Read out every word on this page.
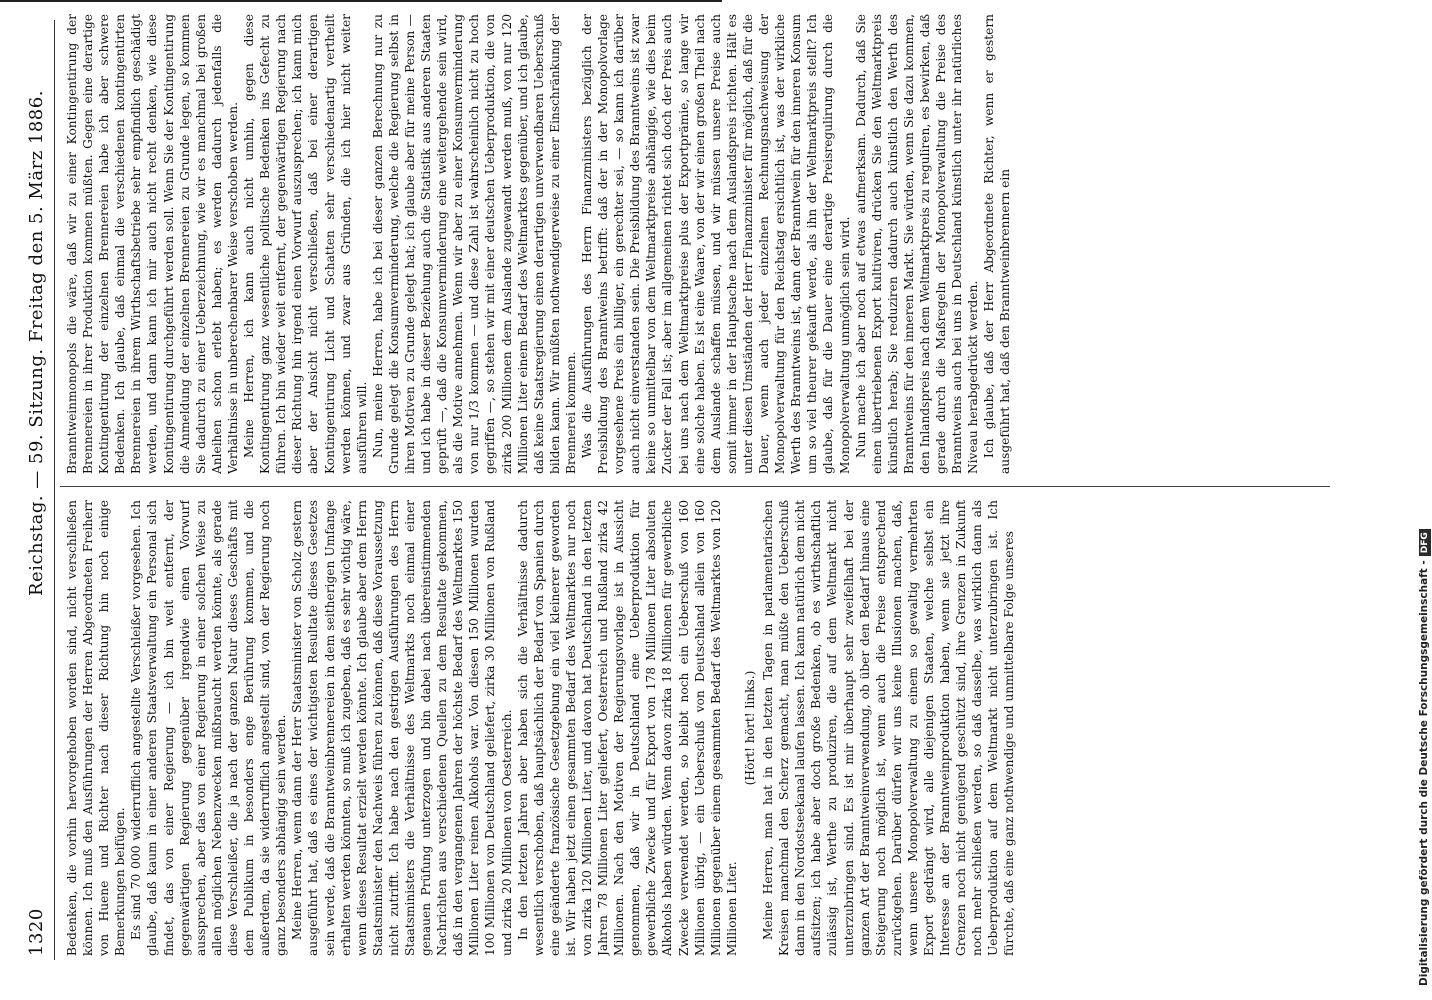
1320
Reichstag. — 59. Sitzung. Freitag den 5. März 1886.

Bedenken, die vorhin hervorgehoben worden sind, nicht verschließen können. Ich muß den Ausführungen der Herren Abgeordneten Freiherr von Huene und Richter nach dieser Richtung hin noch einige Bemerkungen beifügen. Es sind 70 000 widerrufflich angestellte Verschleißer vorgesehen. Ich glaube, daß kaum in einer anderen Staatsverwaltung ein Personal sich findet, das von einer Regierung — ich bin weit entfernt, der gegenwärtigen Regierung gegenüber irgendwie einen Vorwurf aussprechen, aber das von einer Regierung in einer solchen Weise zu allen möglichen Nebenzwecken mißbraucht werden könnte, als gerade diese Verschleißer, die ja nach der ganzen Natur dieses Geschäfts mit dem Publikum in besonders enge Berührung kommen, und die außerdem, da sie widerrufflich angestellt sind, von der Regierung noch ganz besonders abhängig sein werden. Meine Herren, wenn dann der Herr Staatsminister von Scholz gestern ausgeführt hat, daß es eines der wichtigsten Resultate dieses Gesetzes sein werde, daß die Branntweinbrennereien in dem seitherigen Umfange erhalten werden könnten, so muß ich zugeben, daß es sehr wichtig wäre, wenn dieses Resultat erzielt werden könnte. Ich glaube aber dem Herrn Staatsminister den Nachweis führen zu können, daß diese Voraussetzung nicht zutrifft. Ich habe nach den gestrigen Ausführungen des Herrn Staatsministers die Verhältnisse des Weltmarkts noch einmal einer genauen Prüfung unterzogen und bin dabei nach übereinstimmenden Nachrichten aus verschiedenen Quellen zu dem Resultate gekommen, daß in den vergangenen Jahren der höchste Bedarf des Weltmarktes 150 Millionen Liter reinen Alkohols war. Von diesen 150 Millionen wurden 100 Millionen von Deutschland geliefert, zirka 30 Millionen von Rußland und zirka 20 Millionen von Oesterreich. In den letzten Jahren aber haben sich die Verhältnisse dadurch wesentlich verschoben, daß hauptsächlich der Bedarf von Spanien durch eine geänderte französische Gesetzgebung ein viel kleinerer geworden ist. Wir haben jetzt einen gesammten Bedarf des Weltmarktes nur noch von zirka 120 Millionen Liter, und davon hat Deutschland in den letzten Jahren 78 Millionen Liter geliefert, Oesterreich und Rußland zirka 42 Millionen. Nach den Motiven der Regierungsvorlage ist in Aussicht genommen, daß wir in Deutschland eine Ueberproduktion für gewerbliche Zwecke und für Export von 178 Millionen Liter absoluten Alkohols haben würden. Wenn davon zirka 18 Millionen für gewerbliche Zwecke verwendet werden, so bleibt noch ein Ueberschuß von 160 Millionen übrig, — ein Ueberschuß von Deutschland allein von 160 Millionen gegenüber einem gesammten Bedarf des Weltmarktes von 120 Millionen Liter.

(Hört! hört! links.) Meine Herren, man hat in den letzten Tagen in parlamentarischen Kreisen manchmal den Scherz gemacht, man müßte den Ueberschuß dann in den Nordostseekanal laufen lassen. Ich kann natürlich dem nicht aufsitzen; ich habe aber doch große Bedenken, ob es wirthschaftlich zulässig ist, Werthe zu produziren, die auf dem Weltmarkt nicht unterzubringen sind. Es ist mir überhaupt sehr zweifelhaft bei der ganzen Art der Branntweinverwendung, ob über den Bedarf hinaus eine Steigerung noch möglich ist, wenn auch die Preise entsprechend zurückgehen. Darüber dürfen wir uns keine Illusionen machen, daß, wenn unsere Monopolverwaltung zu einem so gewaltig vermehrten Export gedrängt wird, alle diejenigen Staaten, welche selbst ein Interesse an der Branntweinproduktion haben, wenn sie jetzt ihre Grenzen noch nicht genügend geschützt sind, ihre Grenzen in Zukunft noch mehr schließen werden, so daß dasselbe, was wirklich dann als Ueberproduktion auf dem Weltmarkt nicht unterzubringen ist. Ich fürchte, daß eine ganz nothwendige und unmittelbare Folge unseres

Branntweinmonopols die wäre, daß wir zu einer Kontingentirung der Brennereien in ihrer Produktion kommen müßten. Gegen eine derartige Kontingentirung der einzelnen Brennereien habe ich aber schwere Bedenken. Ich glaube, daß einmal die verschiedenen kontingentirten Brennereien in ihrem Wirthschaftsbetriebe sehr empfindlich geschädigt werden, und dann kann ich mir auch nicht recht denken, wie diese Kontingentirung durchgeführt werden soll. Wenn Sie der Kontingentirung die Anmeldung der einzelnen Brennereien zu Grunde legen, so kommen Sie dadurch zu einer Ueberzeichnung, wie wir es manchmal bei großen Anleihen schon erlebt haben; es werden dadurch jedenfalls die Verhältnisse in unberechenbarer Weise verschoben werden. Meine Herren, ich kann auch nicht umhin, gegen diese Kontingentirung ganz wesentliche politische Bedenken ins Gefecht zu führen. Ich bin wieder weit entfernt, der gegenwärtigen Regierung nach dieser Richtung hin irgend einen Vorwurf auszusprechen; ich kann mich aber der Ansicht nicht verschließen, daß bei einer derartigen Kontingentirung Licht und Schatten sehr verschiedenartig vertheilt werden können, und zwar aus Gründen, die ich hier nicht weiter ausführen will. Nun, meine Herren, habe ich bei dieser ganzen Berechnung nur zu Grunde gelegt die Konsumverminderung, welche die Regierung selbst in ihren Motiven zu Grunde gelegt hat; ich glaube aber für meine Person — und ich habe in dieser Beziehung auch die Statistik aus anderen Staaten geprüft —, daß die Konsumverminderung eine weitergehende sein wird, als die Motive annehmen. Wenn wir aber zu einer Konsumverminderung von nur 1/3 kommen — und diese Zahl ist wahrscheinlich nicht zu hoch gegriffen —, so stehen wir mit einer deutschen Ueberproduktion, die von zirka 200 Millionen dem Auslande zugewandt werden muß, von nur 120 Millionen Liter einem Bedarf des Weltmarktes gegenüber, und ich glaube, daß keine Staatsregierung einen derartigen unverwendbaren Ueberschuß bilden kann. Wir müßten nothwendigerweise zu einer Einschränkung der Brennerei kommen. Was die Ausführungen des Herrn Finanzministers bezüglich der Preisbildung des Branntweins betrifft: daß der in der Monopolvorlage vorgesehene Preis ein billiger, ein gerechter sei, — so kann ich darüber auch nicht einverstanden sein. Die Preisbildung des Branntweins ist zwar keine so unmittelbar von dem Weltmarktpreise abhängige, wie dies beim Zucker der Fall ist; aber im allgemeinen richtet sich doch der Preis auch bei uns nach dem Weltmarktpreise plus der Exportprämie, so lange wir eine solche haben. Es ist eine Waare, von der wir einen großen Theil nach dem Auslande schaffen müssen, und wir müssen unsere Preise auch somit immer in der Hauptsache nach dem Auslandspreis richten. Hält es unter diesen Umständen der Herr Finanzminister für möglich, daß für die Dauer, wenn auch jeder einzelnen Rechnungsnachweisung der Monopolverwaltung für den Reichstag ersichtlich ist, was der wirkliche Werth des Branntweins ist, dann der Branntwein für den inneren Konsum um so viel theurer gekauft werde, als ihn der Weltmarktpreis stellt? Ich glaube, daß für die Dauer eine derartige Preisregulirung durch die Monopolverwaltung unmöglich sein wird. Nun mache ich aber noch auf etwas aufmerksam. Dadurch, daß Sie einen übertriebenen Export kultiviren, drücken Sie den Weltmarktpreis künstlich herab; Sie reduziren dadurch auch künstlich den Werth des Branntweins für den inneren Markt. Sie würden, wenn Sie dazu kommen, den Inlandspreis nach dem Weltmarktpreis zu reguliren, es bewirken, daß gerade durch die Maßregeln der Monopolverwaltung die Preise des Branntweins auch bei uns in Deutschland künstlich unter ihr natürliches Niveau herabgedrückt werden. Ich glaube, daß der Herr Abgeordnete Richter, wenn er gestern ausgeführt hat, daß den Branntweinbrennern ein

Digitalisierung gefördert durch die Deutsche Forschungsgemeinschaft -DFG
